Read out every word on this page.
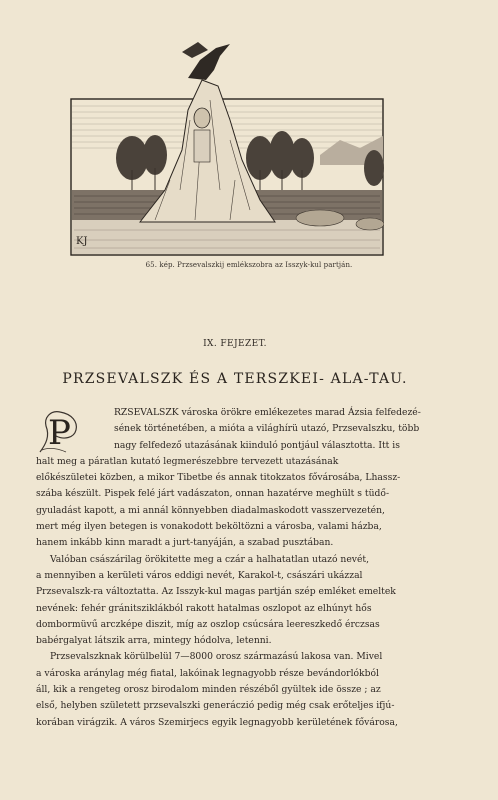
KJ
65. kép. Przsevalszkij emlékszobra az Isszyk-kul partján.
IX. FEJEZET.
PRZSEVALSZK ÉS A TERSZKEI- ALA-TAU.
P
RZSEVALSZK városka örökre emlékezetes marad Ázsia felfedezé-
sének történetében, a mióta a világhírü utazó, Przsevalszku, több
nagy felfedező utazásának kiinduló pontjául választotta. Itt is
halt meg a páratlan kutató legmerészebbre tervezett utazásának
előkészületei közben, a mikor Tibetbe és annak titokzatos fővárosába, Lhassz-
szába készült. Pispek felé járt vadászaton, onnan hazatérve meghült s tüdő-
gyuladást kapott, a mi annál könnyebben diadalmaskodott vasszervezetén,
mert még ilyen betegen is vonakodott beköltözni a városba, valami házba,
hanem inkább kinn maradt a jurt-tanyáján, a szabad pusztában.
Valóban császárilag örökitette meg a czár a halhatatlan utazó nevét,
a mennyiben a kerületi város eddigi nevét, Karakol-t, császári ukázzal
Przsevalszk-ra változtatta. Az Isszyk-kul magas partján szép emléket emeltek
nevének: fehér gránitsziklákból rakott hatalmas oszlopot az elhúnyt hős
dombormüvű arczképe diszit, míg az oszlop csúcsára leereszkedő érczsas
babérgalyat látszik arra, mintegy hódolva, letenni.
Przsevalszknak körülbelül 7—8000 orosz származású lakosa van. Mivel
a városka aránylag még fiatal, lakóinak legnagyobb része bevándorlókból
áll, kik a rengeteg orosz birodalom minden részéből gyültek ide össze ; az
első, helyben született przsevalszki generáczió pedig még csak erőteljes ifjú-
korában virágzik. A város Szemirjecs egyik legnagyobb kerületének fővárosa,
